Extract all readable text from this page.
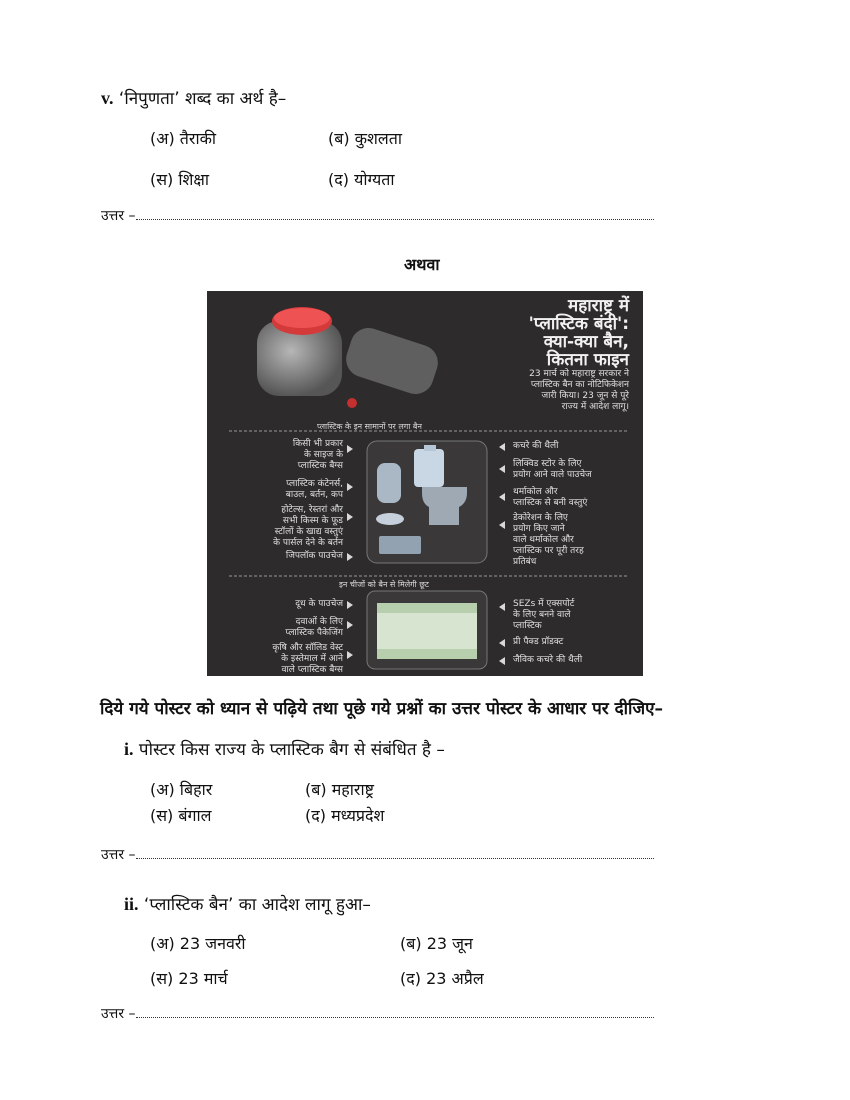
v. ‘निपुणता’ शब्द का अर्थ है–
(अ) तैराकी	(ब) कुशलता
(स) शिक्षा	(द) योग्यता
उत्तर –
अथवा
महाराष्ट्र में
'प्लास्टिक बंदी':
क्या-क्या बैन,
कितना फाइन
23 मार्च को महाराष्ट्र सरकार ने
प्लास्टिक बैन का नोटिफिकेशन
जारी किया। 23 जून से पूरे
राज्य में आदेश लागू।
प्लास्टिक के इन सामानों पर लगा बैन
किसी भी प्रकार
के साइज के
प्लास्टिक बैग्स
प्लास्टिक कंटेनर्स,
बाउल, बर्तन, कप
होटेल्स, रेस्तरां और
सभी किस्म के फूड
स्टॉलों के खाद्य वस्तुएं
के पार्सल देने के बर्तन
जिपलॉक पाउचेज
कचरे की थैली
लिक्विड स्टोर के लिए
प्रयोग आने वाले पाउचेज
थर्माकोल और
प्लास्टिक से बनी वस्तुएं
डेकोरेशन के लिए
प्रयोग किए जाने
वाले थर्माकोल और
प्लास्टिक पर पूरी तरह
प्रतिबंध
इन चीजों को बैन से मिलेगी छूट
दूध के पाउचेज
दवाओं के लिए
प्लास्टिक पैकेजिंग
कृषि और सॉलिड वेस्ट
के इस्तेमाल में आने
वाले प्लास्टिक बैग्स
SEZs में एक्सपोर्ट
के लिए बनने वाले
प्लास्टिक
प्री पैक्ड प्रॉडक्ट
जैविक कचरे की थैली
दिये गये पोस्टर को ध्यान से पढ़िये तथा पूछे गये प्रश्नों का उत्तर पोस्टर के आधार पर दीजिए–
i. पोस्टर किस राज्य के प्लास्टिक बैग से संबंधित है –
(अ) बिहार	(ब) महाराष्ट्र
(स) बंगाल	(द) मध्यप्रदेश
उत्तर –
ii. ‘प्लास्टिक बैन’ का आदेश लागू हुआ–
(अ) 23 जनवरी	(ब) 23 जून
(स) 23 मार्च	(द) 23 अप्रैल
उत्तर –
